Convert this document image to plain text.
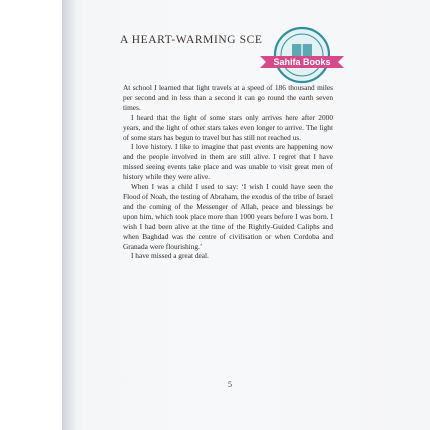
A HEART-WARMING SCE
Sahifa Books

At school I learned that light travels at a speed of 186 thousand miles per second and in less than a second it can go round the earth seven times.

I heard that the light of some stars only arrives here after 2000 years, and the light of other stars takes even longer to arrive. The light of some stars has begun to travel but has still not reached us.

I love history. I like to imagine that past events are happening now and the people involved in them are still alive. I regret that I have missed seeing events take place and was unable to visit great men of history while they were alive.

When I was a child I used to say: ‘I wish I could have seen the Flood of Noah, the testing of Abraham, the exodus of the tribe of Israel and the coming of the Messenger of Allah, peace and blessings be upon him, which took place more than 1000 years before I was born. I wish I had been alive at the time of the Rightly-Guided Caliphs and when Baghdad was the centre of civilisation or when Cordoba and Granada were flourishing.’

I have missed a great deal.

5
